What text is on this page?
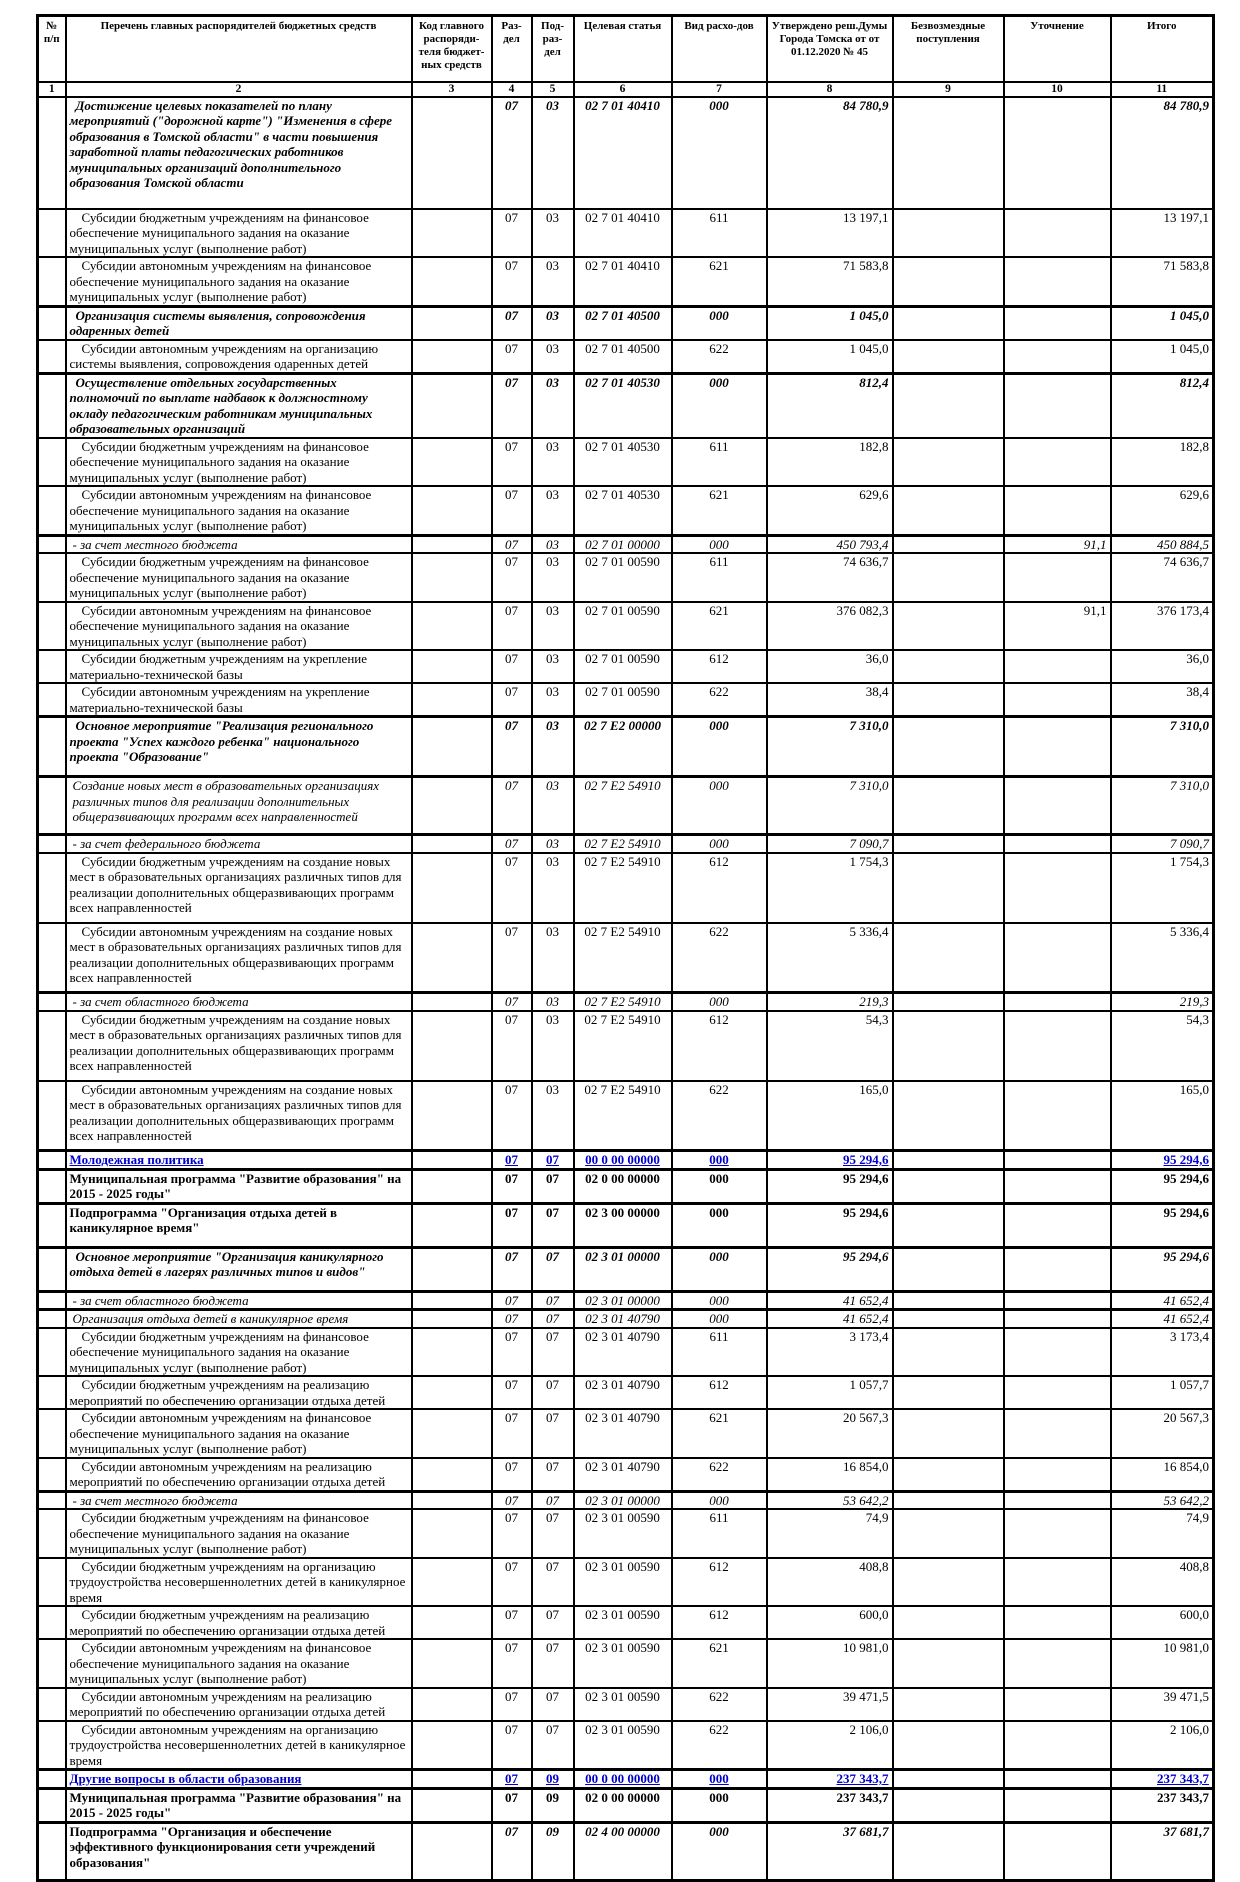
№ п/п	Перечень главных распорядителей бюджетных средств	Код главного распоряди-теля бюджет-ных средств	Раз-дел	Под-раз-дел	Целевая статья	Вид расхо-дов	Утверждено реш.Думы Города Томска от от 01.12.2020 № 45	Безвозмездные поступления	Уточнение	Итого
1	2	3	4	5	6	7	8	9	10	11
	Достижение целевых показателей по плану мероприятий ("дорожной карте") "Изменения в сфере образования в Томской области" в части повышения заработной платы педагогических работников муниципальных организаций дополнительного образования Томской области		07	03	02 7 01 40410	000	84 780,9			84 780,9
	Субсидии бюджетным учреждениям на финансовое обеспечение муниципального задания на оказание муниципальных услуг (выполнение работ)		07	03	02 7 01 40410	611	13 197,1			13 197,1
	Субсидии автономным учреждениям на финансовое обеспечение муниципального задания на оказание муниципальных услуг (выполнение работ)		07	03	02 7 01 40410	621	71 583,8			71 583,8
	Организация системы выявления, сопровождения одаренных детей		07	03	02 7 01 40500	000	1 045,0			1 045,0
	Субсидии автономным учреждениям на организацию системы выявления, сопровождения одаренных детей		07	03	02 7 01 40500	622	1 045,0			1 045,0
	Осуществление отдельных государственных полномочий по выплате надбавок к должностному окладу педагогическим работникам муниципальных образовательных организаций		07	03	02 7 01 40530	000	812,4			812,4
	Субсидии бюджетным учреждениям на финансовое обеспечение муниципального задания на оказание муниципальных услуг (выполнение работ)		07	03	02 7 01 40530	611	182,8			182,8
	Субсидии автономным учреждениям на финансовое обеспечение муниципального задания на оказание муниципальных услуг (выполнение работ)		07	03	02 7 01 40530	621	629,6			629,6
	- за счет местного бюджета		07	03	02 7 01 00000	000	450 793,4		91,1	450 884,5
	Субсидии бюджетным учреждениям на финансовое обеспечение муниципального задания на оказание муниципальных услуг (выполнение работ)		07	03	02 7 01 00590	611	74 636,7			74 636,7
	Субсидии автономным учреждениям на финансовое обеспечение муниципального задания на оказание муниципальных услуг (выполнение работ)		07	03	02 7 01 00590	621	376 082,3		91,1	376 173,4
	Субсидии бюджетным учреждениям на укрепление материально-технической базы		07	03	02 7 01 00590	612	36,0			36,0
	Субсидии автономным учреждениям на укрепление материально-технической базы		07	03	02 7 01 00590	622	38,4			38,4
	Основное мероприятие "Реализация регионального проекта "Успех каждого ребенка" национального проекта "Образование"		07	03	02 7 E2 00000	000	7 310,0			7 310,0
	Создание новых мест в образовательных организациях различных типов для реализации дополнительных общеразвивающих программ всех направленностей		07	03	02 7 E2 54910	000	7 310,0			7 310,0
	- за счет федерального бюджета		07	03	02 7 E2 54910	000	7 090,7			7 090,7
	Субсидии бюджетным учреждениям на создание новых мест в образовательных организациях различных типов для реализации дополнительных общеразвивающих программ всех направленностей		07	03	02 7 E2 54910	612	1 754,3			1 754,3
	Субсидии автономным учреждениям на создание новых мест в образовательных организациях различных типов для реализации дополнительных общеразвивающих программ всех направленностей		07	03	02 7 E2 54910	622	5 336,4			5 336,4
	- за счет областного бюджета		07	03	02 7 E2 54910	000	219,3			219,3
	Субсидии бюджетным учреждениям на создание новых мест в образовательных организациях различных типов для реализации дополнительных общеразвивающих программ всех направленностей		07	03	02 7 E2 54910	612	54,3			54,3
	Субсидии автономным учреждениям на создание новых мест в образовательных организациях различных типов для реализации дополнительных общеразвивающих программ всех направленностей		07	03	02 7 E2 54910	622	165,0			165,0
	Молодежная политика		07	07	00 0 00 00000	000	95 294,6			95 294,6
	Муниципальная программа "Развитие образования" на 2015 - 2025 годы"		07	07	02 0 00 00000	000	95 294,6			95 294,6
	Подпрограмма "Организация отдыха детей в каникулярное время"		07	07	02 3 00 00000	000	95 294,6			95 294,6
	Основное мероприятие "Организация каникулярного отдыха детей в лагерях различных типов и видов"		07	07	02 3 01 00000	000	95 294,6			95 294,6
	- за счет областного бюджета		07	07	02 3 01 00000	000	41 652,4			41 652,4
	Организация отдыха детей в каникулярное время		07	07	02 3 01 40790	000	41 652,4			41 652,4
	Субсидии бюджетным учреждениям на финансовое обеспечение муниципального задания на оказание муниципальных услуг (выполнение работ)		07	07	02 3 01 40790	611	3 173,4			3 173,4
	Субсидии бюджетным учреждениям на реализацию мероприятий по обеспечению организации отдыха детей		07	07	02 3 01 40790	612	1 057,7			1 057,7
	Субсидии автономным учреждениям на финансовое обеспечение муниципального задания на оказание муниципальных услуг (выполнение работ)		07	07	02 3 01 40790	621	20 567,3			20 567,3
	Субсидии автономным учреждениям на реализацию мероприятий по обеспечению организации отдыха детей		07	07	02 3 01 40790	622	16 854,0			16 854,0
	- за счет местного бюджета		07	07	02 3 01 00000	000	53 642,2			53 642,2
	Субсидии бюджетным учреждениям на финансовое обеспечение муниципального задания на оказание муниципальных услуг (выполнение работ)		07	07	02 3 01 00590	611	74,9			74,9
	Субсидии бюджетным учреждениям на организацию трудоустройства несовершеннолетних детей в каникулярное время		07	07	02 3 01 00590	612	408,8			408,8
	Субсидии бюджетным учреждениям на реализацию мероприятий по обеспечению организации отдыха детей		07	07	02 3 01 00590	612	600,0			600,0
	Субсидии автономным учреждениям на финансовое обеспечение муниципального задания на оказание муниципальных услуг (выполнение работ)		07	07	02 3 01 00590	621	10 981,0			10 981,0
	Субсидии автономным учреждениям на реализацию мероприятий по обеспечению организации отдыха детей		07	07	02 3 01 00590	622	39 471,5			39 471,5
	Субсидии автономным учреждениям на организацию трудоустройства несовершеннолетних детей в каникулярное время		07	07	02 3 01 00590	622	2 106,0			2 106,0
	Другие вопросы в области образования		07	09	00 0 00 00000	000	237 343,7			237 343,7
	Муниципальная программа "Развитие образования" на 2015 - 2025 годы"		07	09	02 0 00 00000	000	237 343,7			237 343,7
	Подпрограмма "Организация и обеспечение эффективного функционирования сети учреждений образования"		07	09	02 4 00 00000	000	37 681,7			37 681,7
